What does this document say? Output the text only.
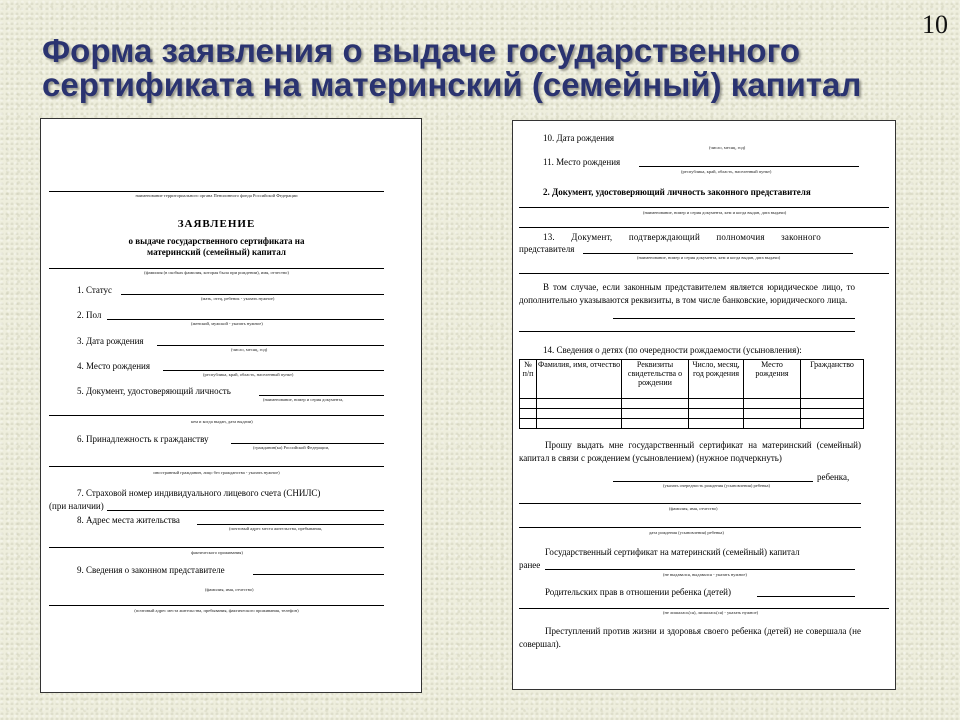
10
Форма заявления о выдаче государственного
сертификата на материнский (семейный) капитал
наименование территориального органа Пенсионного фонда Российской Федерации
ЗАЯВЛЕНИЕ
о выдаче государственного сертификата на
материнский (семейный) капитал
(фамилия (в скобках фамилия, которая была при рождении), имя, отчество)
1. Статус
(мать, отец, ребенок - указать нужное)
2. Пол
(женский, мужской - указать нужное)
3. Дата рождения
(число, месяц, год)
4. Место рождения
(республика, край, область, населенный пункт)
5. Документ, удостоверяющий личность
(наименование, номер и серия документа,
кем и когда выдан, дата выдачи)
6. Принадлежность к гражданству
(гражданин(ка) Российской Федерации,
иностранный гражданин, лицо без гражданства - указать нужное)
7. Страховой номер индивидуального лицевого счета (СНИЛС)
(при наличии)
8. Адрес места жительства
(почтовый адрес места жительства, пребывания,
фактического проживания)
9. Сведения о законном представителе
(фамилия, имя, отчество)
(почтовый адрес места жительства, пребывания, фактического проживания, телефон)
10. Дата рождения
(число, месяц, год)
11. Место рождения
(республика, край, область, населенный пункт)
2. Документ, удостоверяющий личность законного представителя
(наименование, номер и серия документа, кем и когда выдан, дата выдачи)
13. Документ, подтверждающий полномочия законного
представителя
(наименование, номер и серия документа, кем и когда выдан, дата выдачи)
В том случае, если законным представителем является юридическое лицо, то дополнительно указываются реквизиты, в том числе банковские, юридического лица.
14. Сведения о детях (по очередности рождаемости (усыновления):
№ п/п	Фамилия, имя, отчество	Реквизиты свидетельства о рождении	Число, месяц, год рождения	Место рождения	Гражданство

Прошу выдать мне государственный сертификат на материнский (семейный) капитал в связи с рождением (усыновлением) (нужное подчеркнуть)
ребенка,
(указать очередность рождения (усыновления) ребенка)
(фамилия, имя, отчество)
дата рождения (усыновления) ребенка)
Государственный сертификат на материнский (семейный) капитал
ранее
(не выдавался, выдавался - указать нужное)
Родительских прав в отношении ребенка (детей)
(не лишалась(ся), лишалась(ся) - указать нужное)
Преступлений против жизни и здоровья своего ребенка (детей) не совершала (не совершал).
